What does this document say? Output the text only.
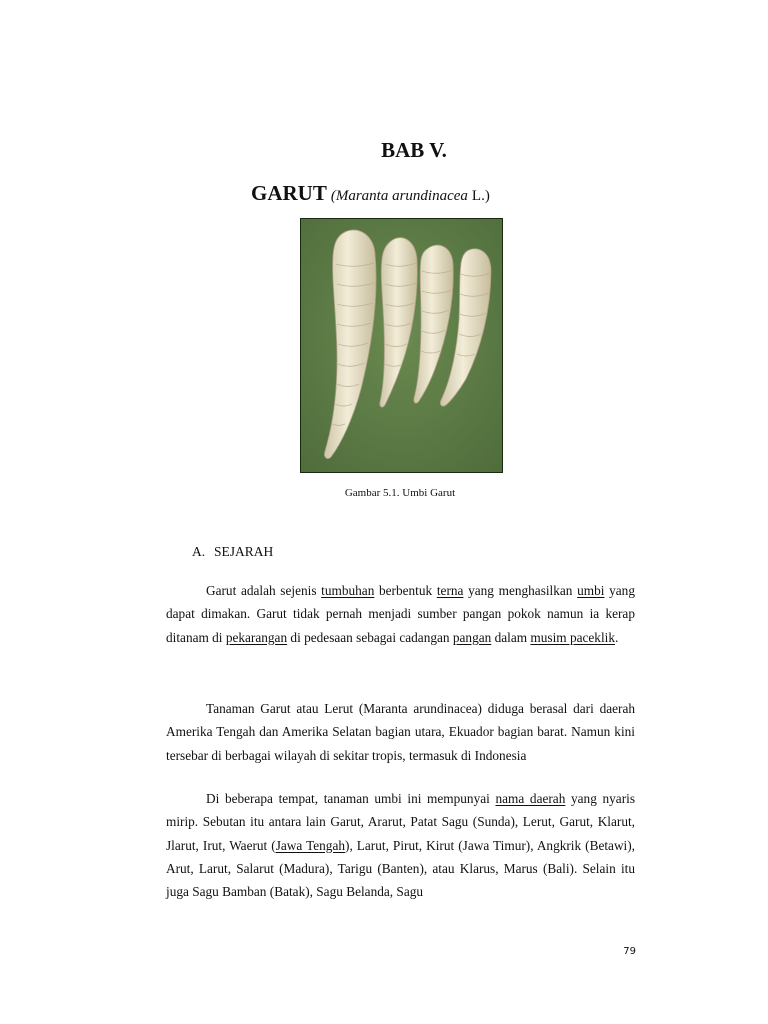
BAB V.
GARUT (Maranta arundinacea L.)
Gambar 5.1. Umbi Garut
A. SEJARAH

Garut adalah sejenis tumbuhan berbentuk terna yang menghasilkan umbi yang dapat dimakan. Garut tidak pernah menjadi sumber pangan pokok namun ia kerap ditanam di pekarangan di pedesaan sebagai cadangan pangan dalam musim paceklik.

Tanaman Garut atau Lerut (Maranta arundinacea) diduga berasal dari daerah Amerika Tengah dan Amerika Selatan bagian utara, Ekuador bagian barat. Namun kini tersebar di berbagai wilayah di sekitar tropis, termasuk di Indonesia

Di beberapa tempat, tanaman umbi ini mempunyai nama daerah yang nyaris mirip. Sebutan itu antara lain Garut, Ararut, Patat Sagu (Sunda), Lerut, Garut, Klarut, Jlarut, Irut, Waerut (Jawa Tengah), Larut, Pirut, Kirut (Jawa Timur), Angkrik (Betawi), Arut, Larut, Salarut (Madura), Tarigu (Banten), atau Klarus, Marus (Bali). Selain itu juga Sagu Bamban (Batak), Sagu Belanda, Sagu

79
